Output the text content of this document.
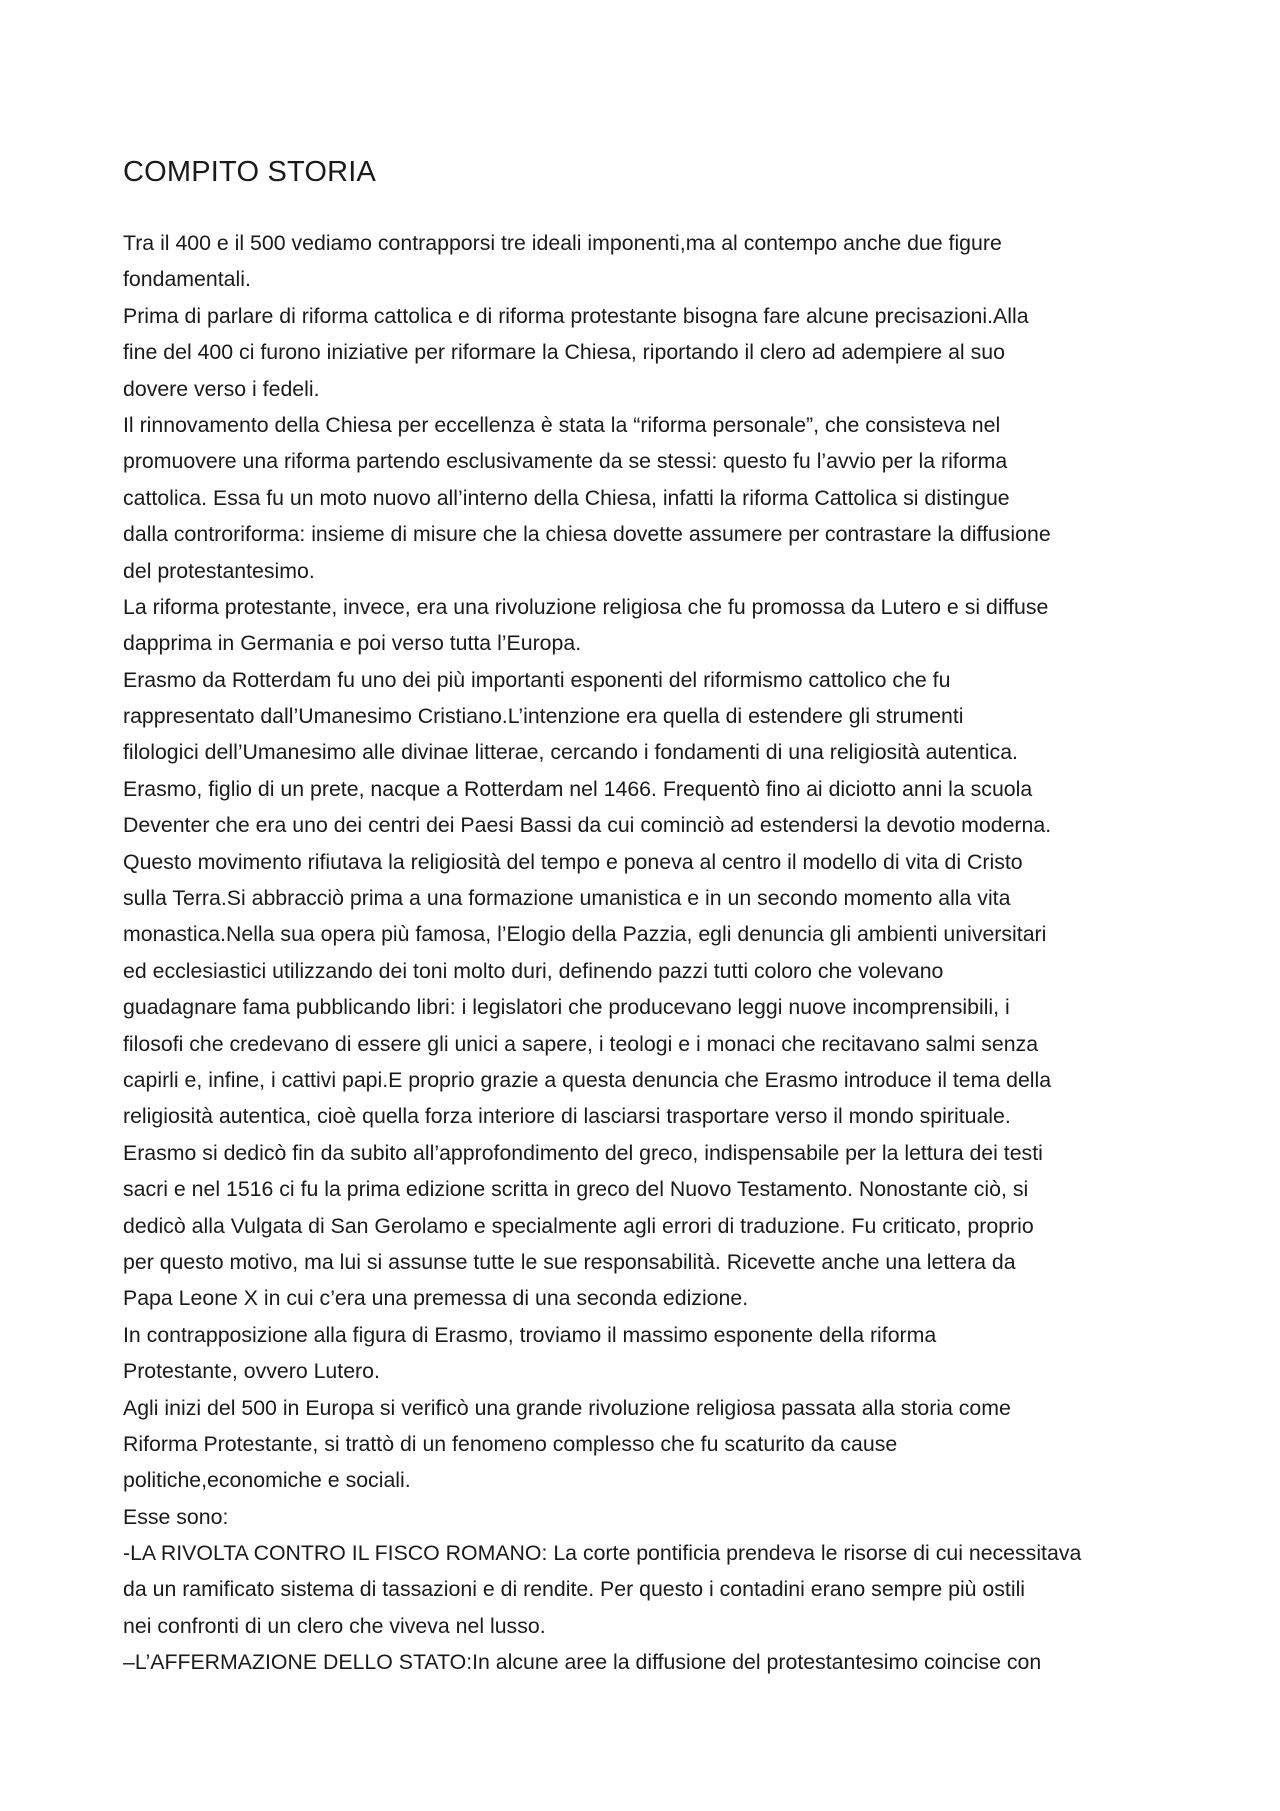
COMPITO STORIA
Tra il 400 e il 500 vediamo contrapporsi tre ideali imponenti,ma al contempo anche due figure
fondamentali.
Prima di parlare di riforma cattolica e di riforma protestante bisogna fare alcune precisazioni.Alla
fine del 400 ci furono iniziative per riformare la Chiesa, riportando il clero ad adempiere al suo
dovere verso i fedeli.
Il rinnovamento della Chiesa per eccellenza è stata la “riforma personale”, che consisteva nel
promuovere una riforma partendo esclusivamente da se stessi: questo fu l’avvio per la riforma
cattolica. Essa fu un moto nuovo all’interno della Chiesa, infatti la riforma Cattolica si distingue
dalla controriforma: insieme di misure che la chiesa dovette assumere per contrastare la diffusione
del protestantesimo.
La riforma protestante, invece, era una rivoluzione religiosa che fu promossa da Lutero e si diffuse
dapprima in Germania e poi verso tutta l’Europa.
Erasmo da Rotterdam fu uno dei più importanti esponenti del riformismo cattolico che fu
rappresentato dall’Umanesimo Cristiano.L’intenzione era quella di estendere gli strumenti
filologici dell’Umanesimo alle divinae litterae, cercando i fondamenti di una religiosità autentica.
Erasmo, figlio di un prete, nacque a Rotterdam nel 1466. Frequentò fino ai diciotto anni la scuola
Deventer che era uno dei centri dei Paesi Bassi da cui cominciò ad estendersi la devotio moderna.
Questo movimento rifiutava la religiosità del tempo e poneva al centro il modello di vita di Cristo
sulla Terra.Si abbracciò prima a una formazione umanistica e in un secondo momento alla vita
monastica.Nella sua opera più famosa, l’Elogio della Pazzia, egli denuncia gli ambienti universitari
ed ecclesiastici utilizzando dei toni molto duri, definendo pazzi tutti coloro che volevano
guadagnare fama pubblicando libri: i legislatori che producevano leggi nuove incomprensibili, i
filosofi che credevano di essere gli unici a sapere, i teologi e i monaci che recitavano salmi senza
capirli e, infine, i cattivi papi.E proprio grazie a questa denuncia che Erasmo introduce il tema della
religiosità autentica, cioè quella forza interiore di lasciarsi trasportare verso il mondo spirituale.
Erasmo si dedicò fin da subito all’approfondimento del greco, indispensabile per la lettura dei testi
sacri e nel 1516 ci fu la prima edizione scritta in greco del Nuovo Testamento. Nonostante ciò, si
dedicò alla Vulgata di San Gerolamo e specialmente agli errori di traduzione. Fu criticato, proprio
per questo motivo, ma lui si assunse tutte le sue responsabilità. Ricevette anche una lettera da
Papa Leone X in cui c’era una premessa di una seconda edizione.
In contrapposizione alla figura di Erasmo, troviamo il massimo esponente della riforma
Protestante, ovvero Lutero.
Agli inizi del 500 in Europa si verificò una grande rivoluzione religiosa passata alla storia come
Riforma Protestante, si trattò di un fenomeno complesso che fu scaturito da cause
politiche,economiche e sociali.
Esse sono:
-LA RIVOLTA CONTRO IL FISCO ROMANO: La corte pontificia prendeva le risorse di cui necessitava
da un ramificato sistema di tassazioni e di rendite. Per questo i contadini erano sempre più ostili
nei confronti di un clero che viveva nel lusso.
–L’AFFERMAZIONE DELLO STATO:In alcune aree la diffusione del protestantesimo coincise con
